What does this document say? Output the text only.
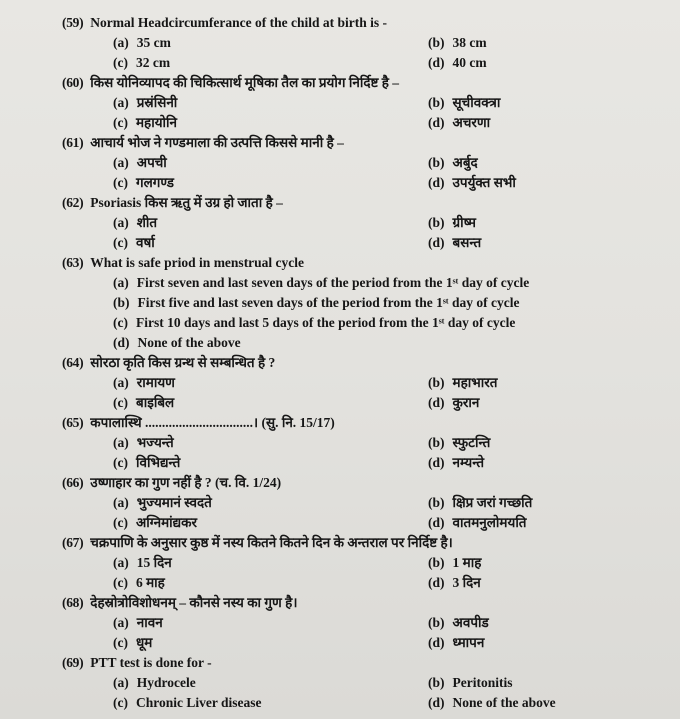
(59) Normal Headcircumferance of the child at birth is -
(a) 35 cm	(b) 38 cm
(c) 32 cm	(d) 40 cm
(60) किस योनिव्यापद की चिकित्सार्थ मूषिका तैल का प्रयोग निर्दिष्ट है –
(a) प्रस्रंसिनी	(b) सूचीवक्त्रा
(c) महायोनि	(d) अचरणा
(61) आचार्य भोज ने गण्डमाला की उत्पत्ति किससे मानी है –
(a) अपची	(b) अर्बुद
(c) गलगण्ड	(d) उपर्युक्त सभी
(62) Psoriasis किस ऋतु में उग्र हो जाता है –
(a) शीत	(b) ग्रीष्म
(c) वर्षा	(d) बसन्त
(63) What is safe priod in menstrual cycle
(a) First seven and last seven days of the period from the 1ˢᵗ day of cycle
(b) First five and last seven days of the period from the 1ˢᵗ day of cycle
(c) First 10 days and last 5 days of the period from the 1ˢᵗ day of cycle
(d) None of the above
(64) सोरठा कृति किस ग्रन्थ से सम्बन्धित है ?
(a) रामायण	(b) महाभारत
(c) बाइबिल	(d) कुरान
(65) कपालास्थि ................................। (सु. नि. 15/17)
(a) भज्यन्ते	(b) स्फुटन्ति
(c) विभिद्यन्ते	(d) नम्यन्ते
(66) उष्णाहार का गुण नहीं है ? (च. वि. 1/24)
(a) भुज्यमानं स्वदते	(b) क्षिप्र जरां गच्छति
(c) अग्निमांद्यकर	(d) वातमनुलोमयति
(67) चक्रपाणि के अनुसार कुष्ठ में नस्य कितने कितने दिन के अन्तराल पर निर्दिष्ट है।
(a) 15 दिन	(b) 1 माह
(c) 6 माह	(d) 3 दिन
(68) देहस्रोत्रोविशोधनम् – कौनसे नस्य का गुण है।
(a) नावन	(b) अवपीड
(c) धूम	(d) ध्मापन
(69) PTT test is done for -
(a) Hydrocele	(b) Peritonitis
(c) Chronic Liver disease	(d) None of the above
